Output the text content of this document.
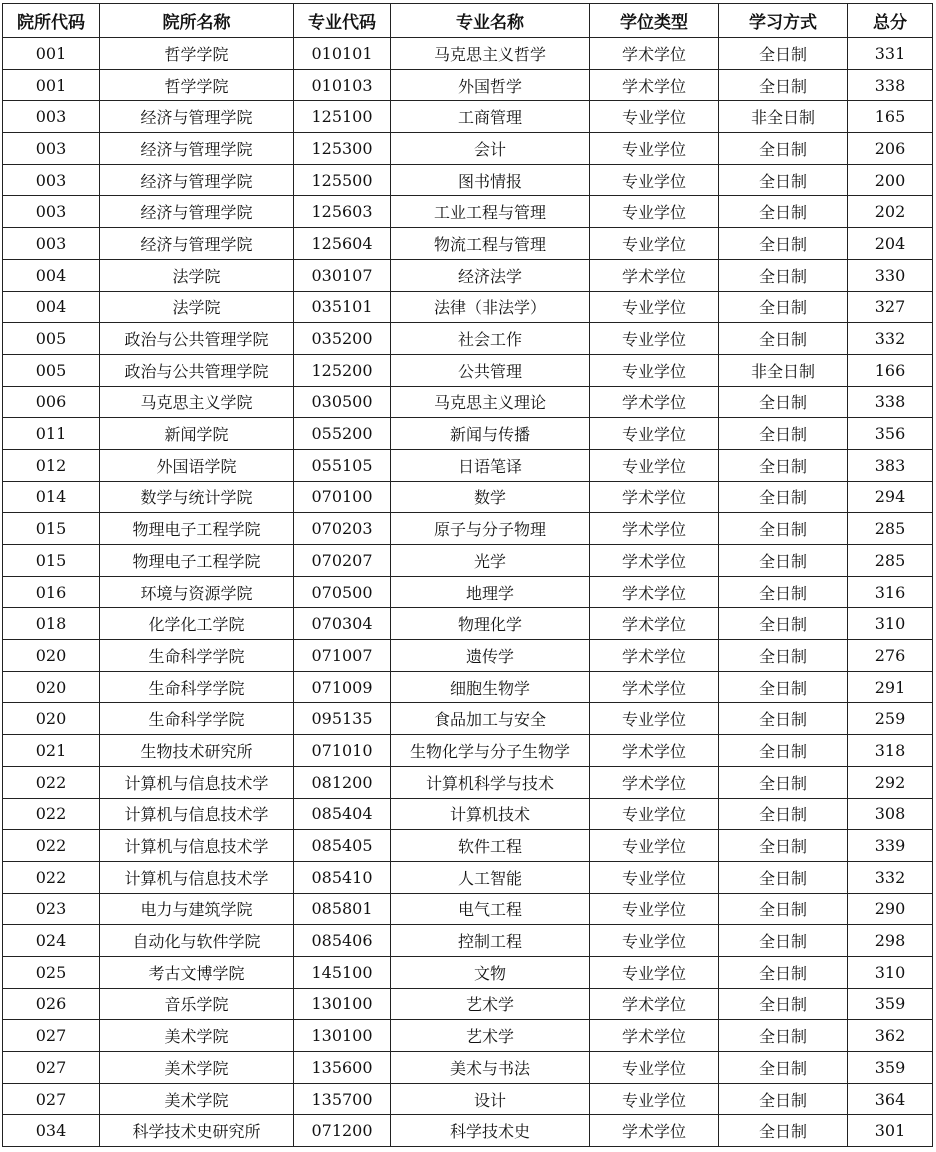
院所代码	院所名称	专业代码	专业名称	学位类型	学习方式	总分
001	哲学学院	010101	马克思主义哲学	学术学位	全日制	331
001	哲学学院	010103	外国哲学	学术学位	全日制	338
003	经济与管理学院	125100	工商管理	专业学位	非全日制	165
003	经济与管理学院	125300	会计	专业学位	全日制	206
003	经济与管理学院	125500	图书情报	专业学位	全日制	200
003	经济与管理学院	125603	工业工程与管理	专业学位	全日制	202
003	经济与管理学院	125604	物流工程与管理	专业学位	全日制	204
004	法学院	030107	经济法学	学术学位	全日制	330
004	法学院	035101	法律（非法学）	专业学位	全日制	327
005	政治与公共管理学院	035200	社会工作	专业学位	全日制	332
005	政治与公共管理学院	125200	公共管理	专业学位	非全日制	166
006	马克思主义学院	030500	马克思主义理论	学术学位	全日制	338
011	新闻学院	055200	新闻与传播	专业学位	全日制	356
012	外国语学院	055105	日语笔译	专业学位	全日制	383
014	数学与统计学院	070100	数学	学术学位	全日制	294
015	物理电子工程学院	070203	原子与分子物理	学术学位	全日制	285
015	物理电子工程学院	070207	光学	学术学位	全日制	285
016	环境与资源学院	070500	地理学	学术学位	全日制	316
018	化学化工学院	070304	物理化学	学术学位	全日制	310
020	生命科学学院	071007	遗传学	学术学位	全日制	276
020	生命科学学院	071009	细胞生物学	学术学位	全日制	291
020	生命科学学院	095135	食品加工与安全	专业学位	全日制	259
021	生物技术研究所	071010	生物化学与分子生物学	学术学位	全日制	318
022	计算机与信息技术学	081200	计算机科学与技术	学术学位	全日制	292
022	计算机与信息技术学	085404	计算机技术	专业学位	全日制	308
022	计算机与信息技术学	085405	软件工程	专业学位	全日制	339
022	计算机与信息技术学	085410	人工智能	专业学位	全日制	332
023	电力与建筑学院	085801	电气工程	专业学位	全日制	290
024	自动化与软件学院	085406	控制工程	专业学位	全日制	298
025	考古文博学院	145100	文物	专业学位	全日制	310
026	音乐学院	130100	艺术学	学术学位	全日制	359
027	美术学院	130100	艺术学	学术学位	全日制	362
027	美术学院	135600	美术与书法	专业学位	全日制	359
027	美术学院	135700	设计	专业学位	全日制	364
034	科学技术史研究所	071200	科学技术史	学术学位	全日制	301
